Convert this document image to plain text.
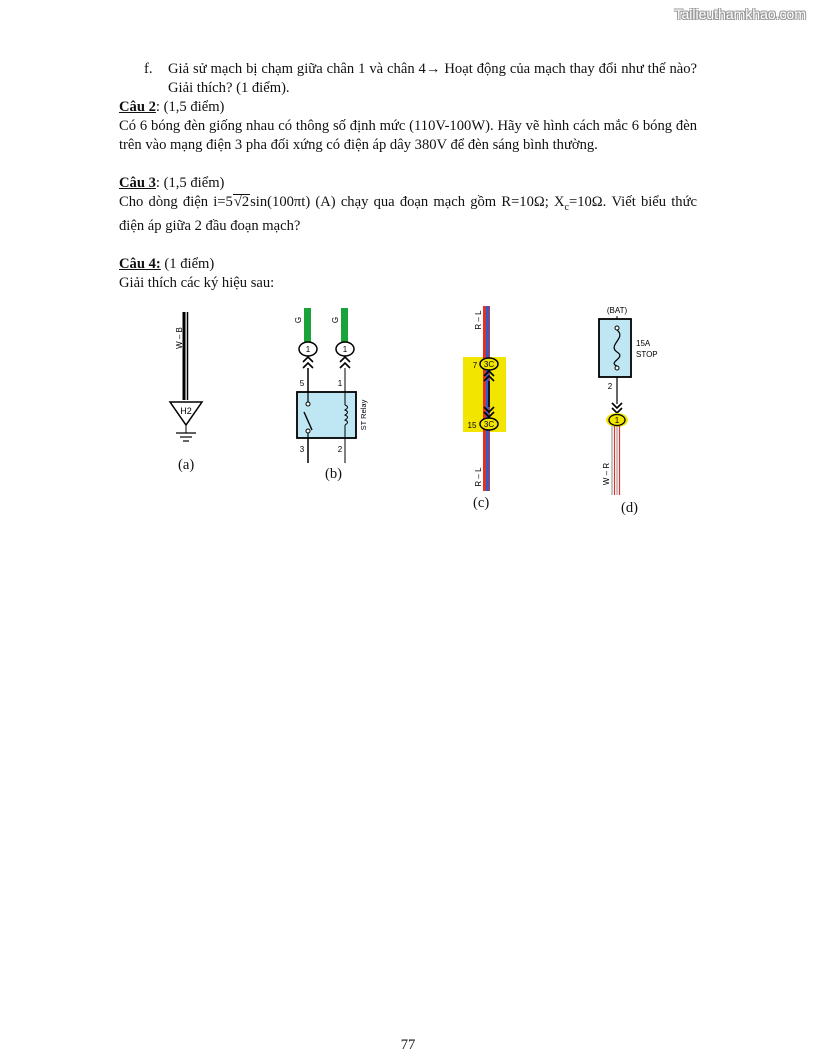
Tailieuthamkhao.com
f. Giả sử mạch bị chạm giữa chân 1 và chân 4→ Hoạt động của mạch thay đổi như thế nào? Giải thích? (1 điểm).
Câu 2: (1,5 điểm)

Có 6 bóng đèn giống nhau có thông số định mức (110V-100W). Hãy vẽ hình cách mắc 6 bóng đèn trên vào mạng điện 3 pha đối xứng có điện áp dây 380V để đèn sáng bình thường.

Câu 3: (1,5 điểm)

Cho dòng điện i=5√2sin(100πt) (A) chạy qua đoạn mạch gồm R=10Ω; $X_c=10\Omega$. Viết biểu thức điện áp giữa 2 đầu đoạn mạch?

Câu 4: (1 điểm)

Giải thích các ký hiệu sau:

W – B
H2
G	G
1	1
5	1
ST Relay
3	2
R – L
R – L
3C
7
3C
15
(BAT)
15A
STOP
2
1
W – R
(a)
(b)
(c)	(d)
77
